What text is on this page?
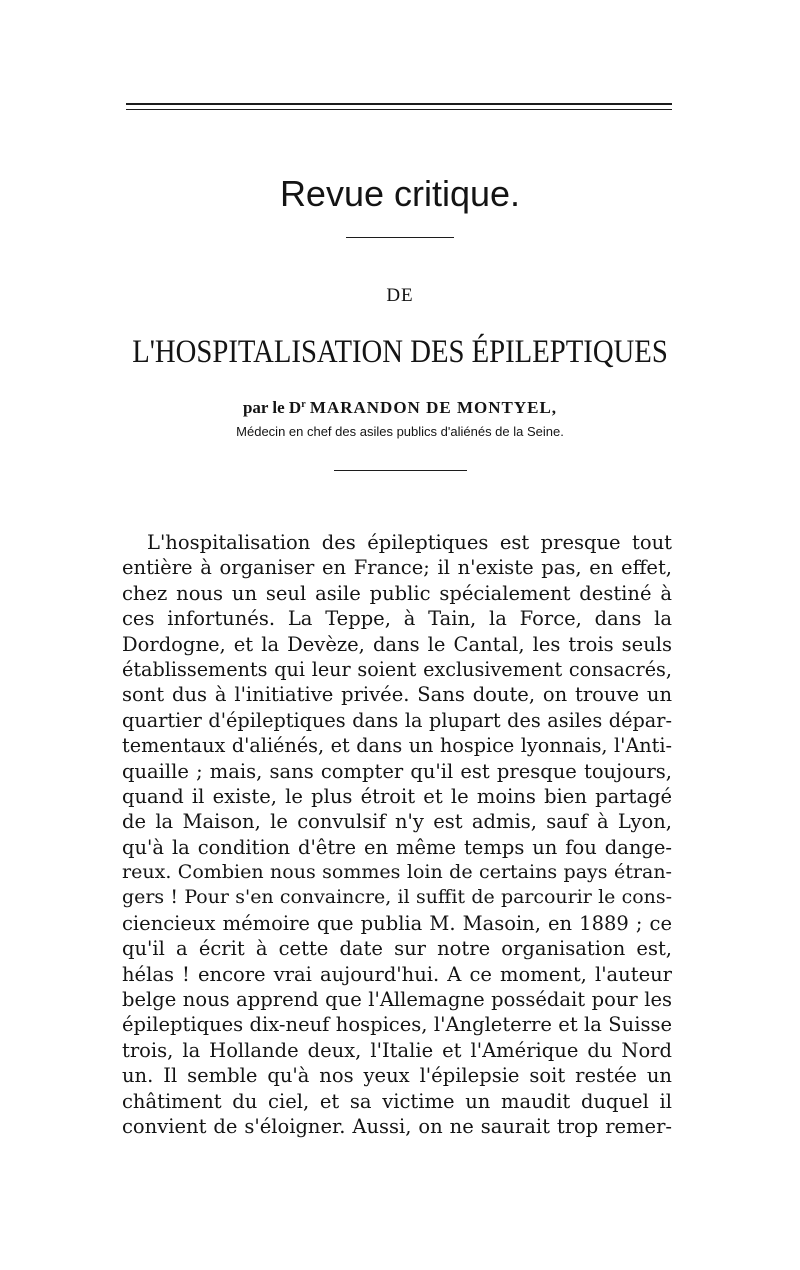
Revue critique.
DE
L'HOSPITALISATION DES ÉPILEPTIQUES
par le $D^r$ MARANDON DE MONTYEL,
Médecin en chef des asiles publics d'aliénés de la Seine.
L'hospitalisation des épileptiques est presque tout
entière à organiser en France; il n'existe pas, en effet,
chez nous un seul asile public spécialement destiné à
ces infortunés. La Teppe, à Tain, la Force, dans la
Dordogne, et la Devèze, dans le Cantal, les trois seuls
établissements qui leur soient exclusivement consacrés,
sont dus à l'initiative privée. Sans doute, on trouve un
quartier d'épileptiques dans la plupart des asiles dépar-
tementaux d'aliénés, et dans un hospice lyonnais, l'Anti-
quaille ; mais, sans compter qu'il est presque toujours,
quand il existe, le plus étroit et le moins bien partagé
de la Maison, le convulsif n'y est admis, sauf à Lyon,
qu'à la condition d'être en même temps un fou dange-
reux. Combien nous sommes loin de certains pays étran-
gers ! Pour s'en convaincre, il suffit de parcourir le cons-
ciencieux mémoire que publia M. Masoin, en 1889 ; ce
qu'il a écrit à cette date sur notre organisation est,
hélas ! encore vrai aujourd'hui. A ce moment, l'auteur
belge nous apprend que l'Allemagne possédait pour les
épileptiques dix-neuf hospices, l'Angleterre et la Suisse
trois, la Hollande deux, l'Italie et l'Amérique du Nord
un. Il semble qu'à nos yeux l'épilepsie soit restée un
châtiment du ciel, et sa victime un maudit duquel il
convient de s'éloigner. Aussi, on ne saurait trop remer-
